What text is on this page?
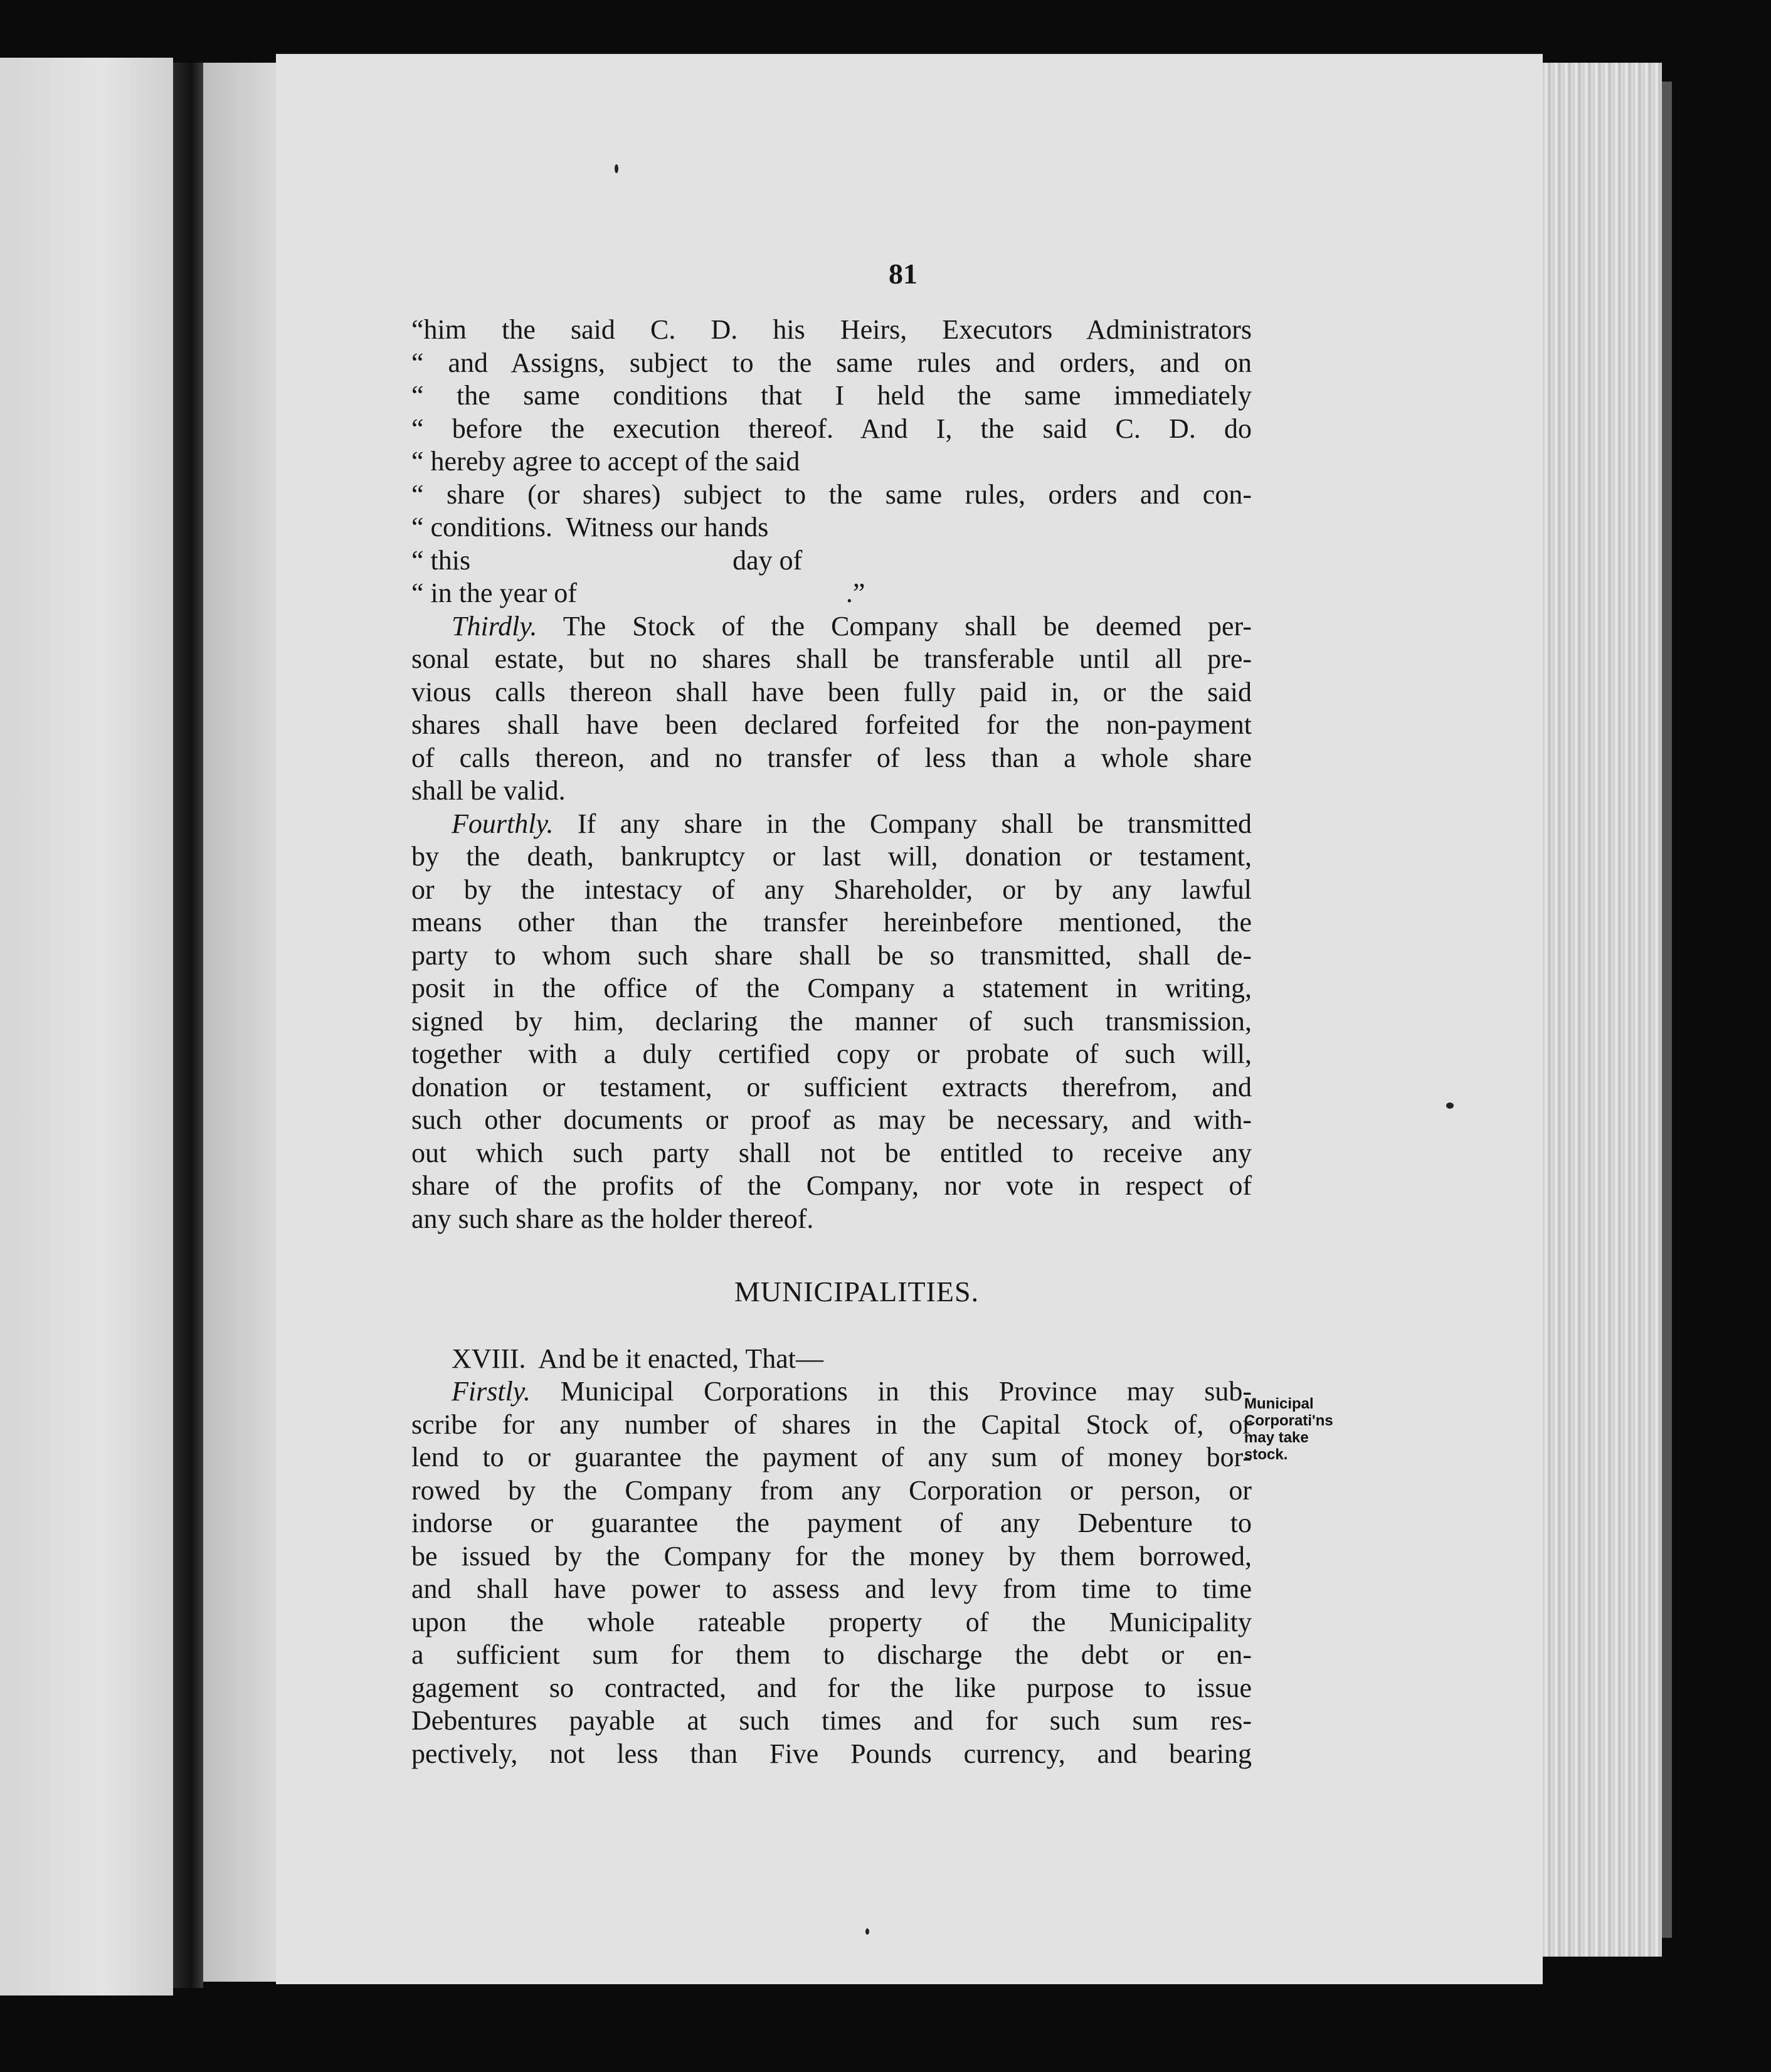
81
“him the said C. D. his Heirs, Executors Administrators
“ and Assigns, subject to the same rules and orders, and on
“ the same conditions that I held the same immediately
“ before the execution thereof. And I, the said C. D. do
“ hereby agree to accept of the said
“ share (or shares) subject to the same rules, orders and con-
“ conditions.  Witness our hands
“ this                                      day of
“ in the year of                                       .”
Thirdly. The Stock of the Company shall be deemed per-
sonal estate, but no shares shall be transferable until all pre-
vious calls thereon shall have been fully paid in, or the said
shares shall have been declared forfeited for the non-payment
of calls thereon, and no transfer of less than a whole share
shall be valid.
Fourthly. If any share in the Company shall be transmitted
by the death, bankruptcy or last will, donation or testament,
or by the intestacy of any Shareholder, or by any lawful
means other than the transfer hereinbefore mentioned, the
party to whom such share shall be so transmitted, shall de-
posit in the office of the Company a statement in writing,
signed by him, declaring the manner of such transmission,
together with a duly certified copy or probate of such will,
donation or testament, or sufficient extracts therefrom, and
such other documents or proof as may be necessary, and with-
out which such party shall not be entitled to receive any
share of the profits of the Company, nor vote in respect of
any such share as the holder thereof.
MUNICIPALITIES.
XVIII.  And be it enacted, That—
Firstly. Municipal Corporations in this Province may sub-
scribe for any number of shares in the Capital Stock of, or
lend to or guarantee the payment of any sum of money bor-
rowed by the Company from any Corporation or person, or
indorse or guarantee the payment of any Debenture to
be issued by the Company for the money by them borrowed,
and shall have power to assess and levy from time to time
upon the whole rateable property of the Municipality
a sufficient sum for them to discharge the debt or en-
gagement so contracted, and for the like purpose to issue
Debentures payable at such times and for such sum res-
pectively, not less than Five Pounds currency, and bearing
Municipal
Corporati'ns
may take
stock.
